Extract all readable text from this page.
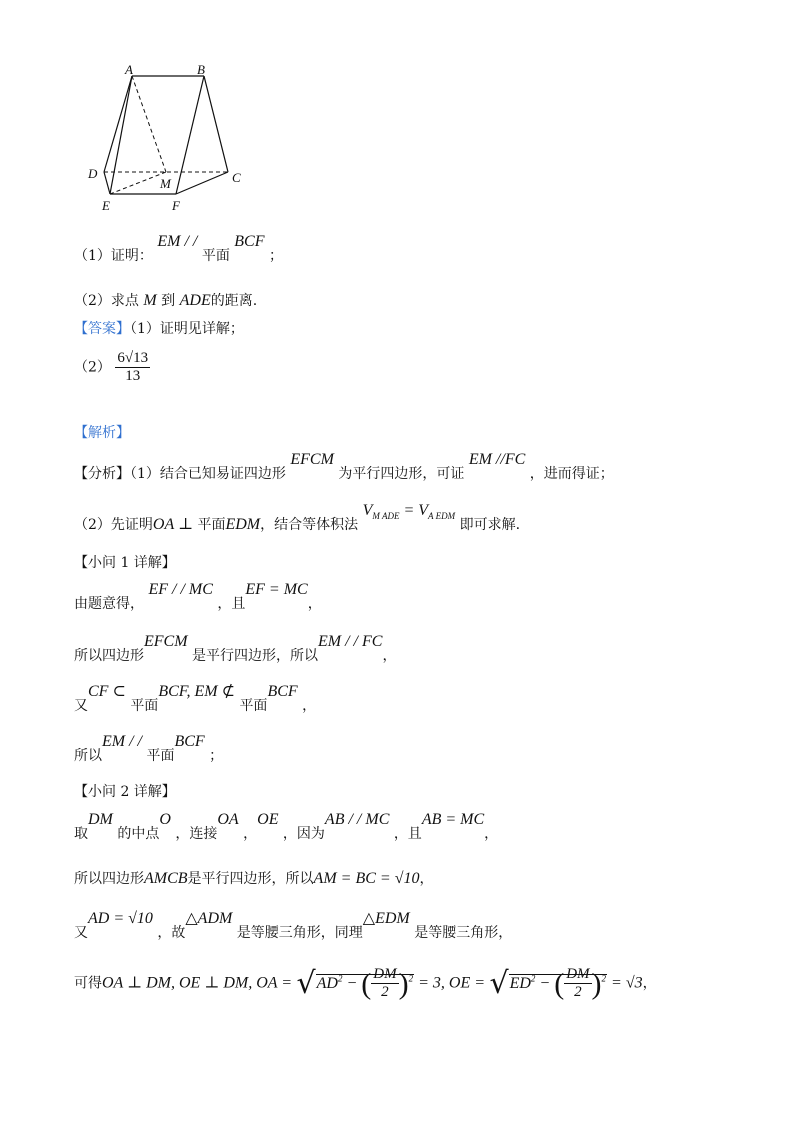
A	B
C
D
E	F
M
（1）证明： EM / / 平面 BCF ；
（2）求点 M 到 ADE的距离.
【答案】（1）证明见详解；
$(2) \frac{6√13}{13}$
【解析】
【分析】（1）结合已知易证四边形 EFCM 为平行四边形，可证 EM //FC ，进而得证；
（2）先证明OA ⊥ 平面EDM，结合等体积法 $V_{M ADE} = V_{A EDM}$ 即可求解.
【小问 1 详解】
由题意得， EF / / MC ，且EF = MC，
所以四边形EFCM 是平行四边形，所以EM / / FC，
又CF ⊂ 平面BCF, EM ⊄ 平面BCF ，
所以EM / / 平面BCF ；
【小问 2 详解】
取DM 的中点O ，连接OA ，OE ，因为AB / / MC ，且AB = MC，
所以四边形AMCB是平行四边形，所以AM = BC = √10，
又AD = √10 ，故△ADM 是等腰三角形，同理△EDM 是等腰三角形，
可得OA ⊥ DM, OE ⊥ DM, OA = $√AD^2$ − ( $\frac{DM}{2} )^2 = 3$, OE = $√ED^2$ − ( $\frac{DM}{2} )^2 = √3$，
